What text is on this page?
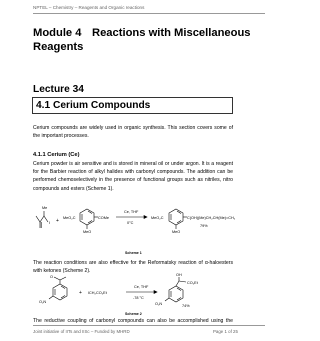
NPTEL – Chemistry – Reagents and Organic reactions
Module 4 Reactions with Miscellaneous
Reagents
Lecture 34
4.1 Cerium Compounds
Cerium compounds are widely used in organic synthesis. This section covers some of the important processes.
4.1.1 Cerium (Ce)
Cerium powder is air sensitive and is stored in mineral oil or under argon. It is a reagent for the Barbier reaction of alkyl halides with carbonyl compounds. The addition can be performed chemoselectively in the presence of functional groups such as nitriles, nitro compounds and esters (Scheme 1).
Me
I + MeO₂C	COMe
MeO
Ce, THF
0°C
MeO₂C	C(OH)(Me)CH₂CH(Me)=CH₂
MeO
79%
Scheme 1
The reaction conditions are also effective for the Reformatsky reaction of α-haloesters with ketones (Scheme 2).
O
O₂N
+ ICH₂CO₂Et
Ce, THF
-78 °C
OH
CO₂Et
O₂N	74%
Scheme 2
The reductive coupling of carbonyl compounds can also be accomplished using the
Joint initiative of IITs and IISc – Funded by MHRD	Page 1 of 25
